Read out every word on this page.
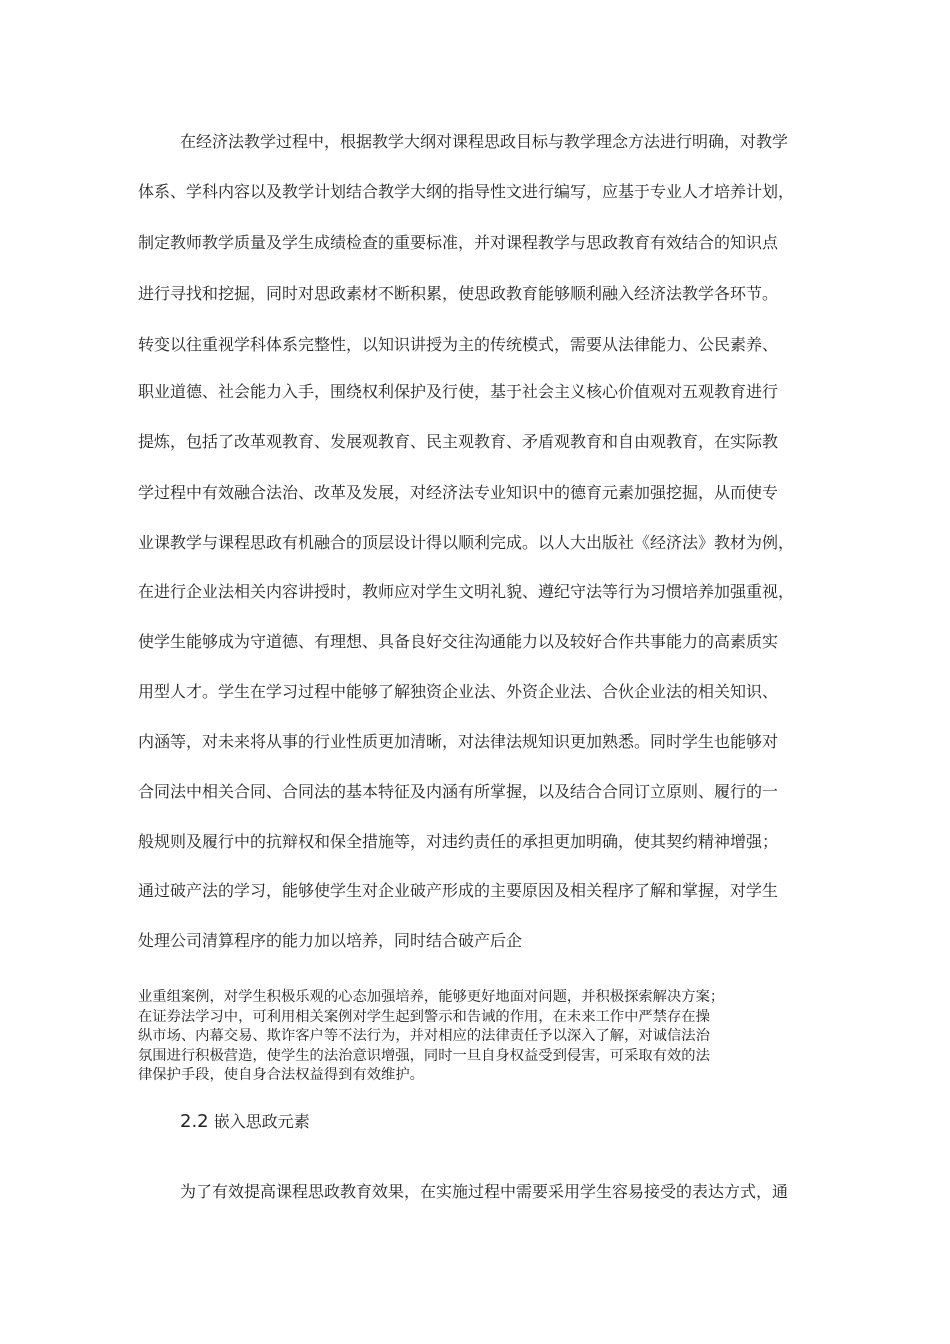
在经济法教学过程中，根据教学大纲对课程思政目标与教学理念方法进行明确，对教学
体系、学科内容以及教学计划结合教学大纲的指导性文进行编写，应基于专业人才培养计划，
制定教师教学质量及学生成绩检查的重要标准，并对课程教学与思政教育有效结合的知识点
进行寻找和挖掘，同时对思政素材不断积累，使思政教育能够顺利融入经济法教学各环节。
转变以往重视学科体系完整性，以知识讲授为主的传统模式，需要从法律能力、公民素养、
职业道德、社会能力入手，围绕权利保护及行使，基于社会主义核心价值观对五观教育进行
提炼，包括了改革观教育、发展观教育、民主观教育、矛盾观教育和自由观教育，在实际教
学过程中有效融合法治、改革及发展，对经济法专业知识中的德育元素加强挖掘，从而使专
业课教学与课程思政有机融合的顶层设计得以顺利完成。以人大出版社《经济法》教材为例，
在进行企业法相关内容讲授时，教师应对学生文明礼貌、遵纪守法等行为习惯培养加强重视，
使学生能够成为守道德、有理想、具备良好交往沟通能力以及较好合作共事能力的高素质实
用型人才。学生在学习过程中能够了解独资企业法、外资企业法、合伙企业法的相关知识、
内涵等，对未来将从事的行业性质更加清晰，对法律法规知识更加熟悉。同时学生也能够对
合同法中相关合同、合同法的基本特征及内涵有所掌握，以及结合合同订立原则、履行的一
般规则及履行中的抗辩权和保全措施等，对违约责任的承担更加明确，使其契约精神增强；
通过破产法的学习，能够使学生对企业破产形成的主要原因及相关程序了解和掌握，对学生
处理公司清算程序的能力加以培养，同时结合破产后企
业重组案例，对学生积极乐观的心态加强培养，能够更好地面对问题，并积极探索解决方案；
在证券法学习中，可利用相关案例对学生起到警示和告诫的作用，在未来工作中严禁存在操
纵市场、内幕交易、欺诈客户等不法行为，并对相应的法律责任予以深入了解，对诚信法治
氛围进行积极营造，使学生的法治意识增强，同时一旦自身权益受到侵害，可采取有效的法
律保护手段，使自身合法权益得到有效维护。
2.2 嵌入思政元素
为了有效提高课程思政教育效果，在实施过程中需要采用学生容易接受的表达方式，通
